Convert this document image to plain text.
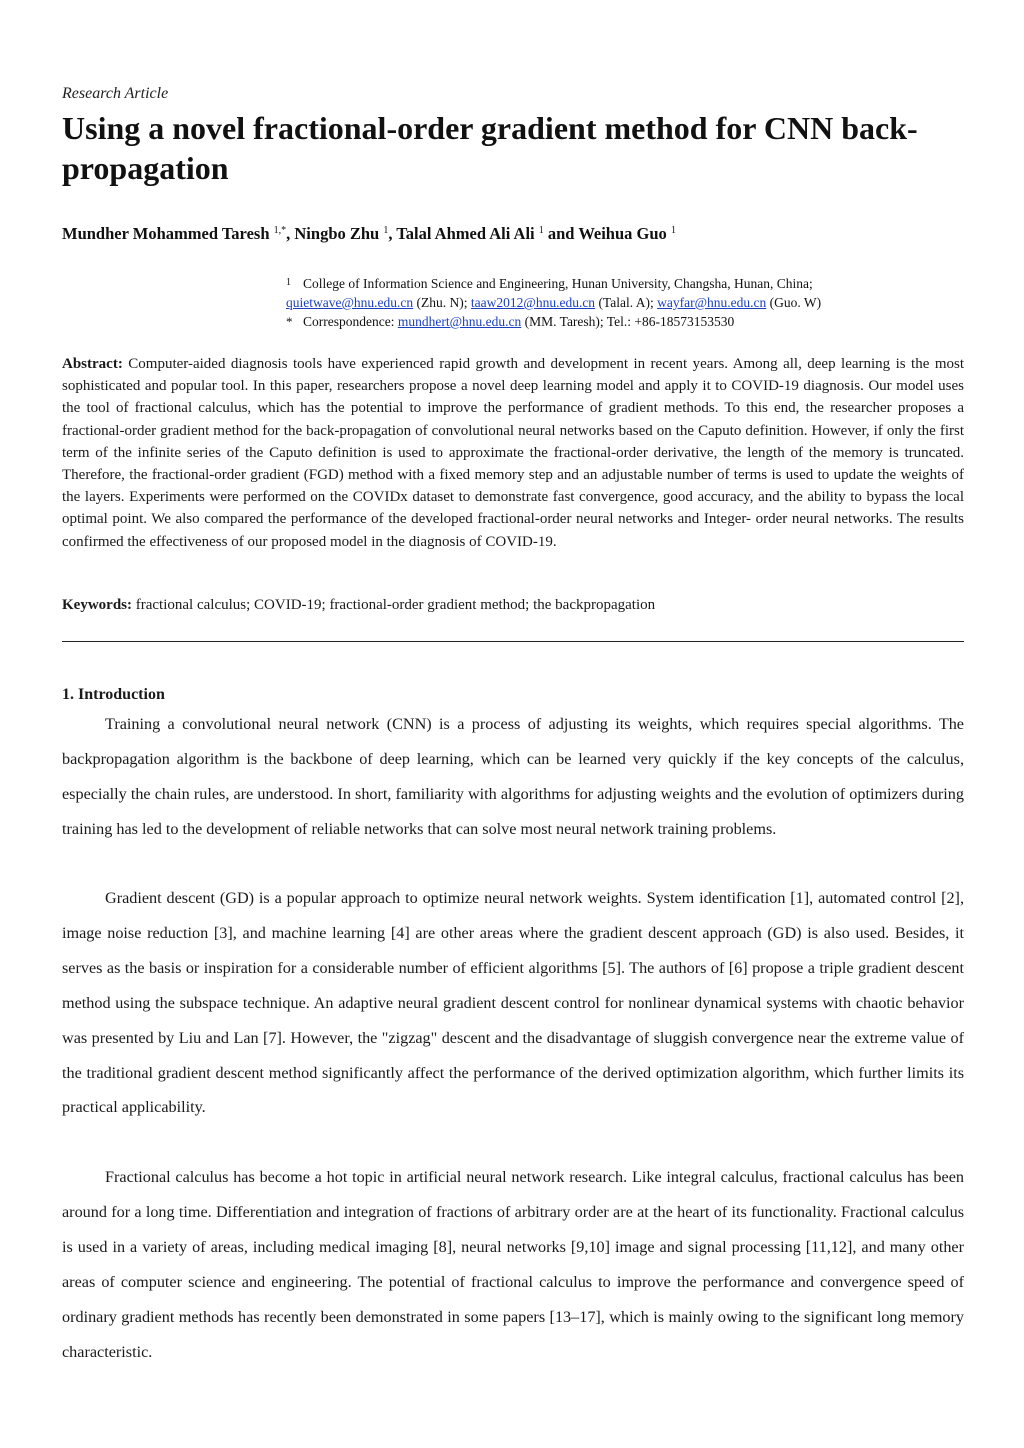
Research Article
Using a novel fractional-order gradient method for CNN back-propagation
Mundher Mohammed Taresh $^{1,*}$, Ningbo Zhu $^1$, Talal Ahmed Ali Ali $^1$ and Weihua Guo $^1$
1 College of Information Science and Engineering, Hunan University, Changsha, Hunan, China;
quietwave@hnu.edu.cn (Zhu. N); taaw2012@hnu.edu.cn (Talal. A); wayfar@hnu.edu.cn (Guo. W)
* Correspondence: mundhert@hnu.edu.cn (MM. Taresh); Tel.: +86-18573153530

Abstract: Computer-aided diagnosis tools have experienced rapid growth and development in recent years. Among all, deep learning is the most sophisticated and popular tool. In this paper, researchers propose a novel deep learning model and apply it to COVID-19 diagnosis. Our model uses the tool of fractional calculus, which has the potential to improve the performance of gradient methods. To this end, the researcher proposes a fractional-order gradient method for the back-propagation of convolutional neural networks based on the Caputo definition. However, if only the first term of the infinite series of the Caputo definition is used to approximate the fractional-order derivative, the length of the memory is truncated. Therefore, the fractional-order gradient (FGD) method with a fixed memory step and an adjustable number of terms is used to update the weights of the layers. Experiments were performed on the COVIDx dataset to demonstrate fast convergence, good accuracy, and the ability to bypass the local optimal point. We also compared the performance of the developed fractional-order neural networks and Integer- order neural networks. The results confirmed the effectiveness of our proposed model in the diagnosis of COVID-19.

Keywords: fractional calculus; COVID-19; fractional-order gradient method; the backpropagation
1. Introduction

Training a convolutional neural network (CNN) is a process of adjusting its weights, which requires special algorithms. The backpropagation algorithm is the backbone of deep learning, which can be learned very quickly if the key concepts of the calculus, especially the chain rules, are understood. In short, familiarity with algorithms for adjusting weights and the evolution of optimizers during training has led to the development of reliable networks that can solve most neural network training problems.

Gradient descent (GD) is a popular approach to optimize neural network weights. System identification [1], automated control [2], image noise reduction [3], and machine learning [4] are other areas where the gradient descent approach (GD) is also used. Besides, it serves as the basis or inspiration for a considerable number of efficient algorithms [5]. The authors of [6] propose a triple gradient descent method using the subspace technique. An adaptive neural gradient descent control for nonlinear dynamical systems with chaotic behavior was presented by Liu and Lan [7]. However, the "zigzag" descent and the disadvantage of sluggish convergence near the extreme value of the traditional gradient descent method significantly affect the performance of the derived optimization algorithm, which further limits its practical applicability.

Fractional calculus has become a hot topic in artificial neural network research. Like integral calculus, fractional calculus has been around for a long time. Differentiation and integration of fractions of arbitrary order are at the heart of its functionality. Fractional calculus is used in a variety of areas, including medical imaging [8], neural networks [9,10] image and signal processing [11,12], and many other areas of computer science and engineering. The potential of fractional calculus to improve the performance and convergence speed of ordinary gradient methods has recently been demonstrated in some papers [13–17], which is mainly owing to the significant long memory characteristic.
